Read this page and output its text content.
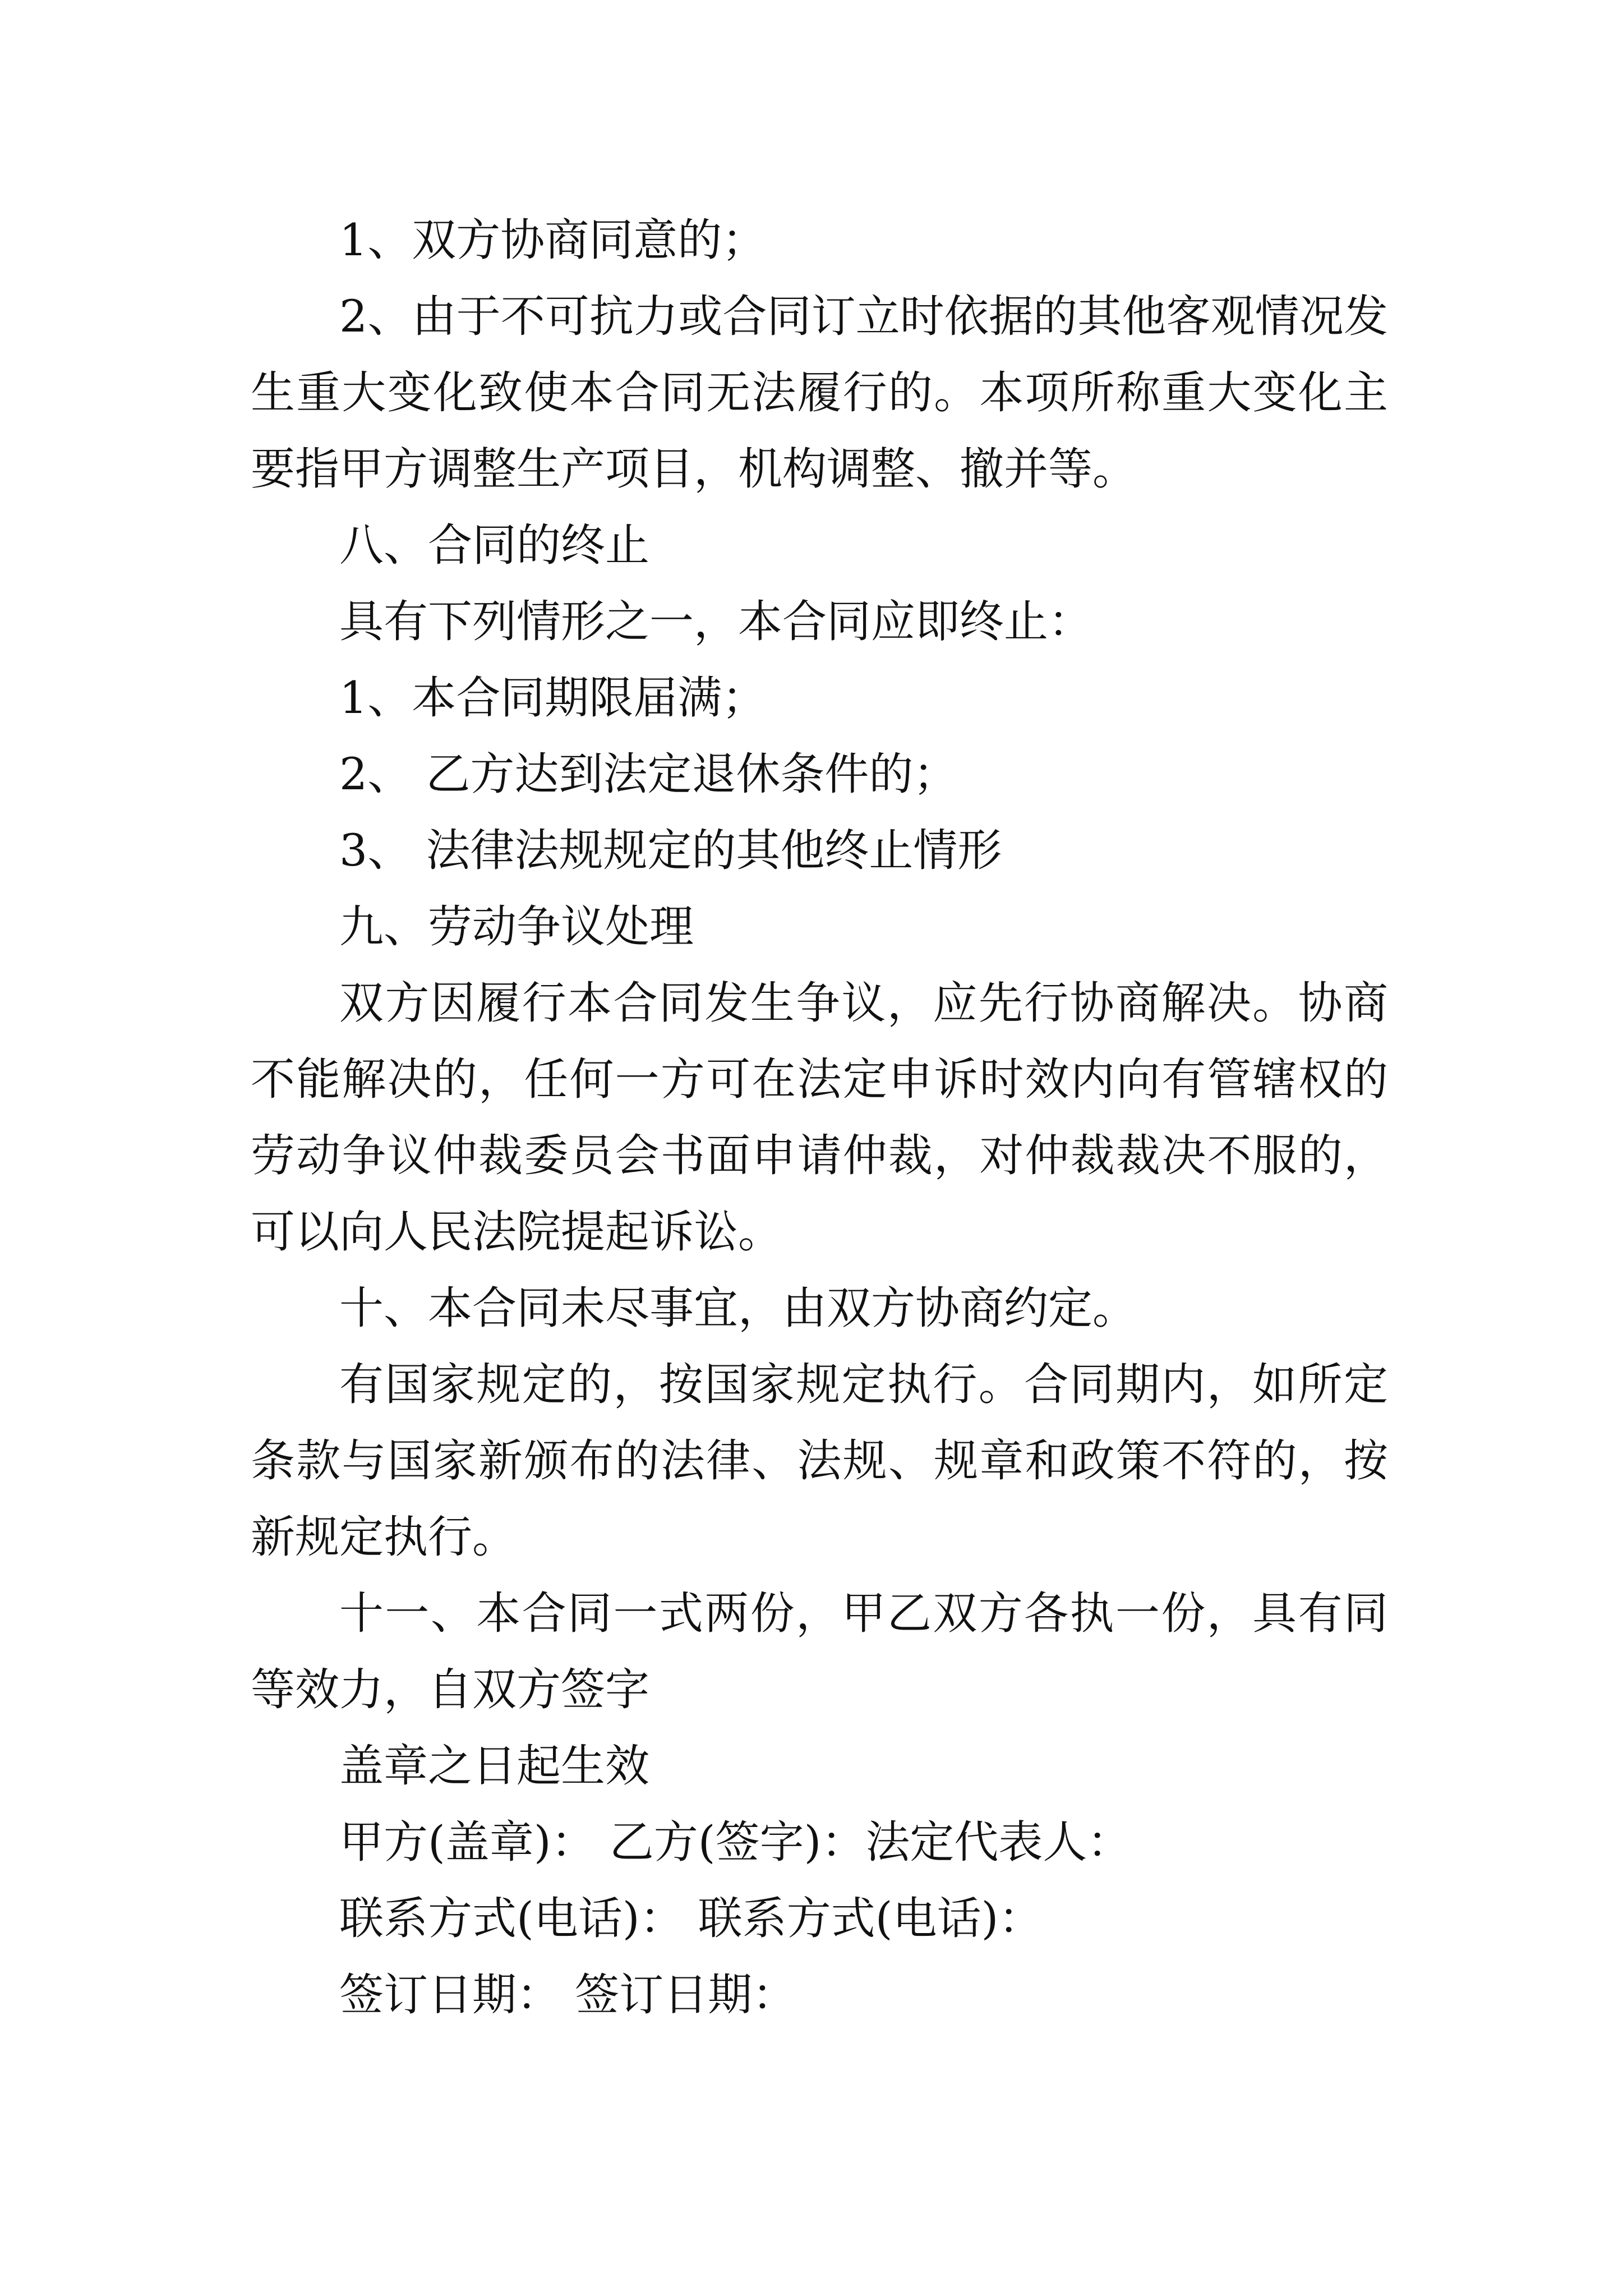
1、双方协商同意的；

2、由于不可抗力或合同订立时依据的其他客观情况发生重大变化致使本合同无法履行的。本项所称重大变化主要指甲方调整生产项目，机构调整、撤并等。

八、合同的终止

具有下列情形之一，本合同应即终止：

1、本合同期限届满；

2、 乙方达到法定退休条件的；

3、 法律法规规定的其他终止情形

九、劳动争议处理

双方因履行本合同发生争议，应先行协商解决。协商不能解决的，任何一方可在法定申诉时效内向有管辖权的劳动争议仲裁委员会书面申请仲裁，对仲裁裁决不服的，可以向人民法院提起诉讼。

十、本合同未尽事宜，由双方协商约定。

有国家规定的，按国家规定执行。合同期内，如所定条款与国家新颁布的法律、法规、规章和政策不符的，按新规定执行。

十一、本合同一式两份，甲乙双方各执一份，具有同等效力，自双方签字

盖章之日起生效

甲方(盖章)： 乙方(签字)：法定代表人：

联系方式(电话)： 联系方式(电话)：

签订日期： 签订日期：
